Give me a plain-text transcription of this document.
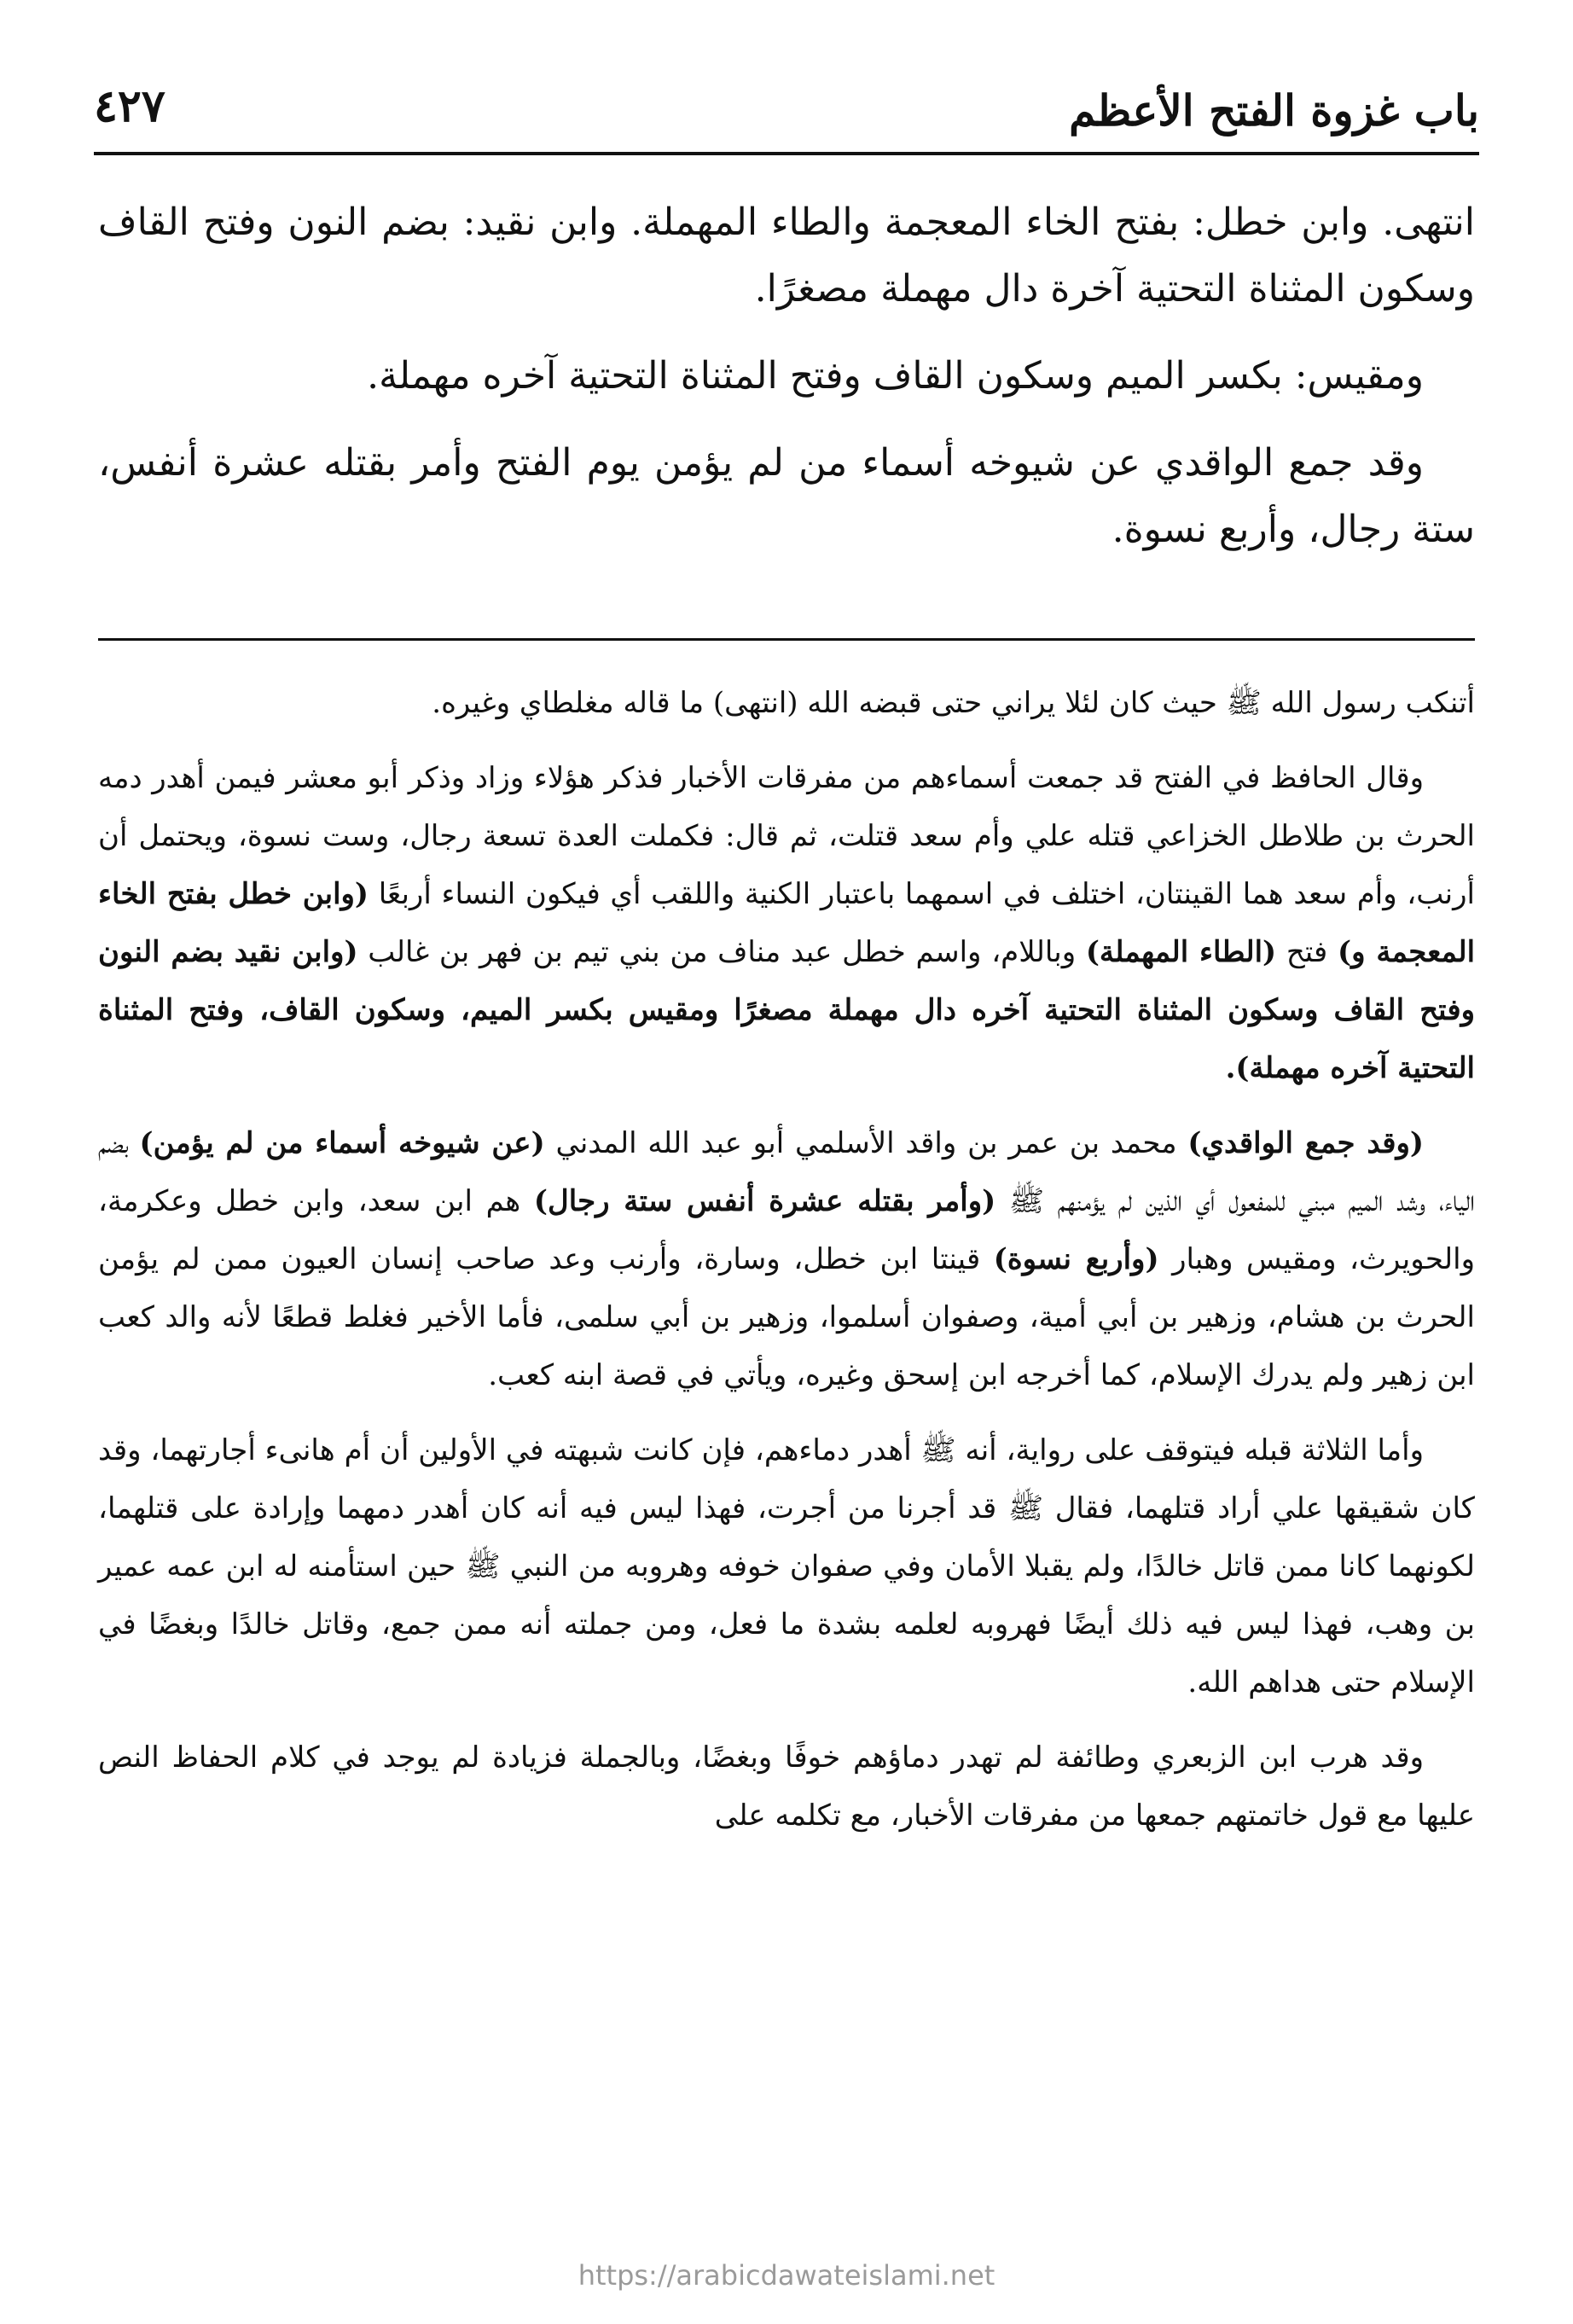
باب غزوة الفتح الأعظم
٤٢٧

انتهى. وابن خطل: بفتح الخاء المعجمة والطاء المهملة. وابن نقيد: بضم النون وفتح القاف وسكون المثناة التحتية آخرة دال مهملة مصغرًا.

ومقيس: بكسر الميم وسكون القاف وفتح المثناة التحتية آخره مهملة.

وقد جمع الواقدي عن شيوخه أسماء من لم يؤمن يوم الفتح وأمر بقتله عشرة أنفس، ستة رجال، وأربع نسوة.

أتنكب رسول الله ﷺ حيث كان لئلا يراني حتى قبضه الله (انتهى) ما قاله مغلطاي وغيره.

وقال الحافظ في الفتح قد جمعت أسماءهم من مفرقات الأخبار فذكر هؤلاء وزاد وذكر أبو معشر فيمن أهدر دمه الحرث بن طلاطل الخزاعي قتله علي وأم سعد قتلت، ثم قال: فكملت العدة تسعة رجال، وست نسوة، ويحتمل أن أرنب، وأم سعد هما القينتان، اختلف في اسمهما باعتبار الكنية واللقب أي فيكون النساء أربعًا (وابن خطل بفتح الخاء المعجمة و) فتح (الطاء المهملة) وباللام، واسم خطل عبد مناف من بني تيم بن فهر بن غالب (وابن نقيد بضم النون وفتح القاف وسكون المثناة التحتية آخره دال مهملة مصغرًا ومقيس بكسر الميم، وسكون القاف، وفتح المثناة التحتية آخره مهملة).

(وقد جمع الواقدي) محمد بن عمر بن واقد الأسلمي أبو عبد الله المدني (عن شيوخه أسماء من لم يؤمن) بضم الياء، وشد الميم مبني للمفعول أي الذين لم يؤمنهم ﷺ (وأمر بقتله عشرة أنفس ستة رجال) هم ابن سعد، وابن خطل وعكرمة، والحويرث، ومقيس وهبار (وأربع نسوة) قينتا ابن خطل، وسارة، وأرنب وعد صاحب إنسان العيون ممن لم يؤمن الحرث بن هشام، وزهير بن أبي أمية، وصفوان أسلموا، وزهير بن أبي سلمى، فأما الأخير فغلط قطعًا لأنه والد كعب ابن زهير ولم يدرك الإسلام، كما أخرجه ابن إسحق وغيره، ويأتي في قصة ابنه كعب.

وأما الثلاثة قبله فيتوقف على رواية، أنه ﷺ أهدر دماءهم، فإن كانت شبهته في الأولين أن أم هانىء أجارتهما، وقد كان شقيقها علي أراد قتلهما، فقال ﷺ قد أجرنا من أجرت، فهذا ليس فيه أنه كان أهدر دمهما وإرادة على قتلهما، لكونهما كانا ممن قاتل خالدًا، ولم يقبلا الأمان وفي صفوان خوفه وهروبه من النبي ﷺ حين استأمنه له ابن عمه عمير بن وهب، فهذا ليس فيه ذلك أيضًا فهروبه لعلمه بشدة ما فعل، ومن جملته أنه ممن جمع، وقاتل خالدًا وبغضًا في الإسلام حتى هداهم الله.

وقد هرب ابن الزبعري وطائفة لم تهدر دماؤهم خوفًا وبغضًا، وبالجملة فزيادة لم يوجد في كلام الحفاظ النص عليها مع قول خاتمتهم جمعها من مفرقات الأخبار، مع تكلمه على

https://arabicdawateislami.net
